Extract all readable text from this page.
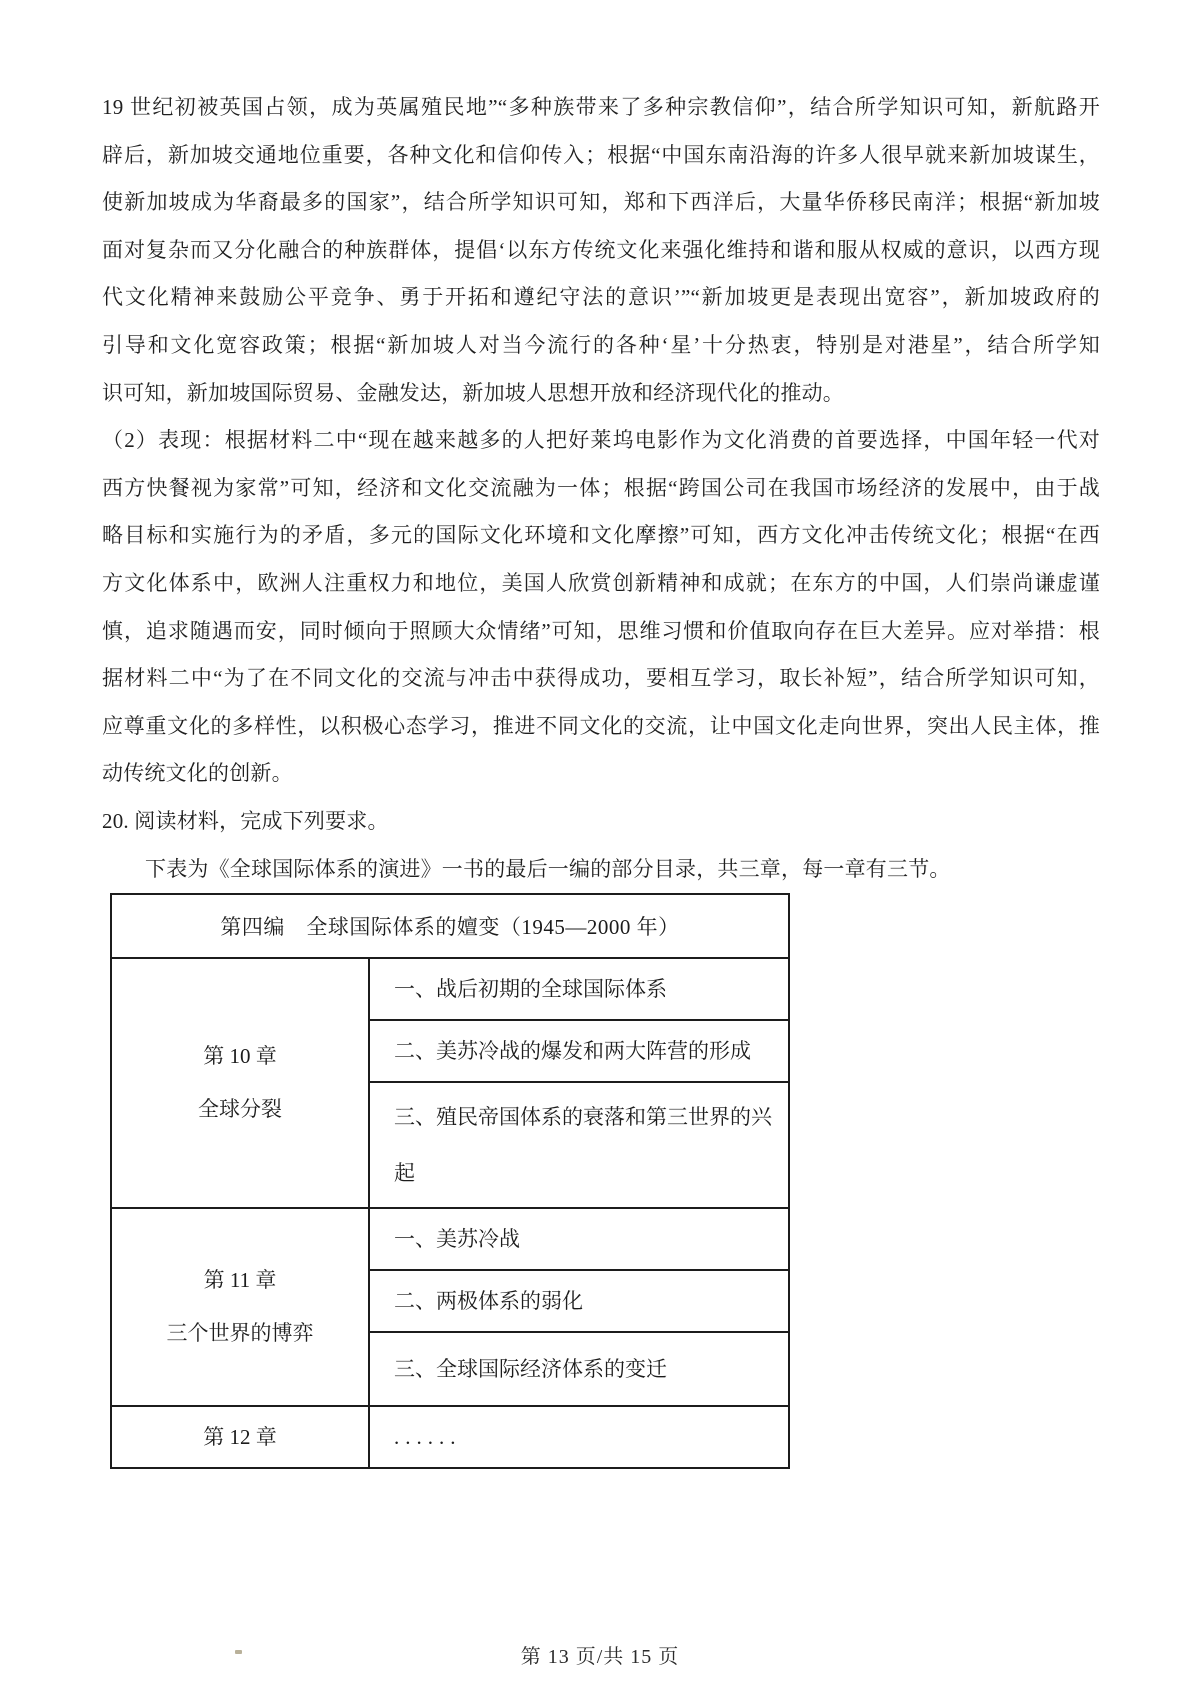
19 世纪初被英国占领，成为英属殖民地”“多种族带来了多种宗教信仰”，结合所学知识可知，新航路开
辟后，新加坡交通地位重要，各种文化和信仰传入；根据“中国东南沿海的许多人很早就来新加坡谋生，
使新加坡成为华裔最多的国家”，结合所学知识可知，郑和下西洋后，大量华侨移民南洋；根据“新加坡
面对复杂而又分化融合的种族群体，提倡‘以东方传统文化来强化维持和谐和服从权威的意识，以西方现
代文化精神来鼓励公平竞争、勇于开拓和遵纪守法的意识’”“新加坡更是表现出宽容”，新加坡政府的
引导和文化宽容政策；根据“新加坡人对当今流行的各种‘星’十分热衷，特别是对港星”，结合所学知
识可知，新加坡国际贸易、金融发达，新加坡人思想开放和经济现代化的推动。
（2）表现：根据材料二中“现在越来越多的人把好莱坞电影作为文化消费的首要选择，中国年轻一代对
西方快餐视为家常”可知，经济和文化交流融为一体；根据“跨国公司在我国市场经济的发展中，由于战
略目标和实施行为的矛盾，多元的国际文化环境和文化摩擦”可知，西方文化冲击传统文化；根据“在西
方文化体系中，欧洲人注重权力和地位，美国人欣赏创新精神和成就；在东方的中国，人们崇尚谦虚谨
慎，追求随遇而安，同时倾向于照顾大众情绪”可知，思维习惯和价值取向存在巨大差异。应对举措：根
据材料二中“为了在不同文化的交流与冲击中获得成功，要相互学习，取长补短”，结合所学知识可知，
应尊重文化的多样性，以积极心态学习，推进不同文化的交流，让中国文化走向世界，突出人民主体，推
动传统文化的创新。
20. 阅读材料，完成下列要求。
下表为《全球国际体系的演进》一书的最后一编的部分目录，共三章，每一章有三节。
第四编　全球国际体系的嬗变（1945—2000 年）	

第 10 章
全球分裂	一、战后初期的全球国际体系
	二、美苏冷战的爆发和两大阵营的形成
	三、殖民帝国体系的衰落和第三世界的兴起

第 11 章
三个世界的博弈	一、美苏冷战
	二、两极体系的弱化
	三、全球国际经济体系的变迁

第 12 章	......
第 13 页/共 15 页
